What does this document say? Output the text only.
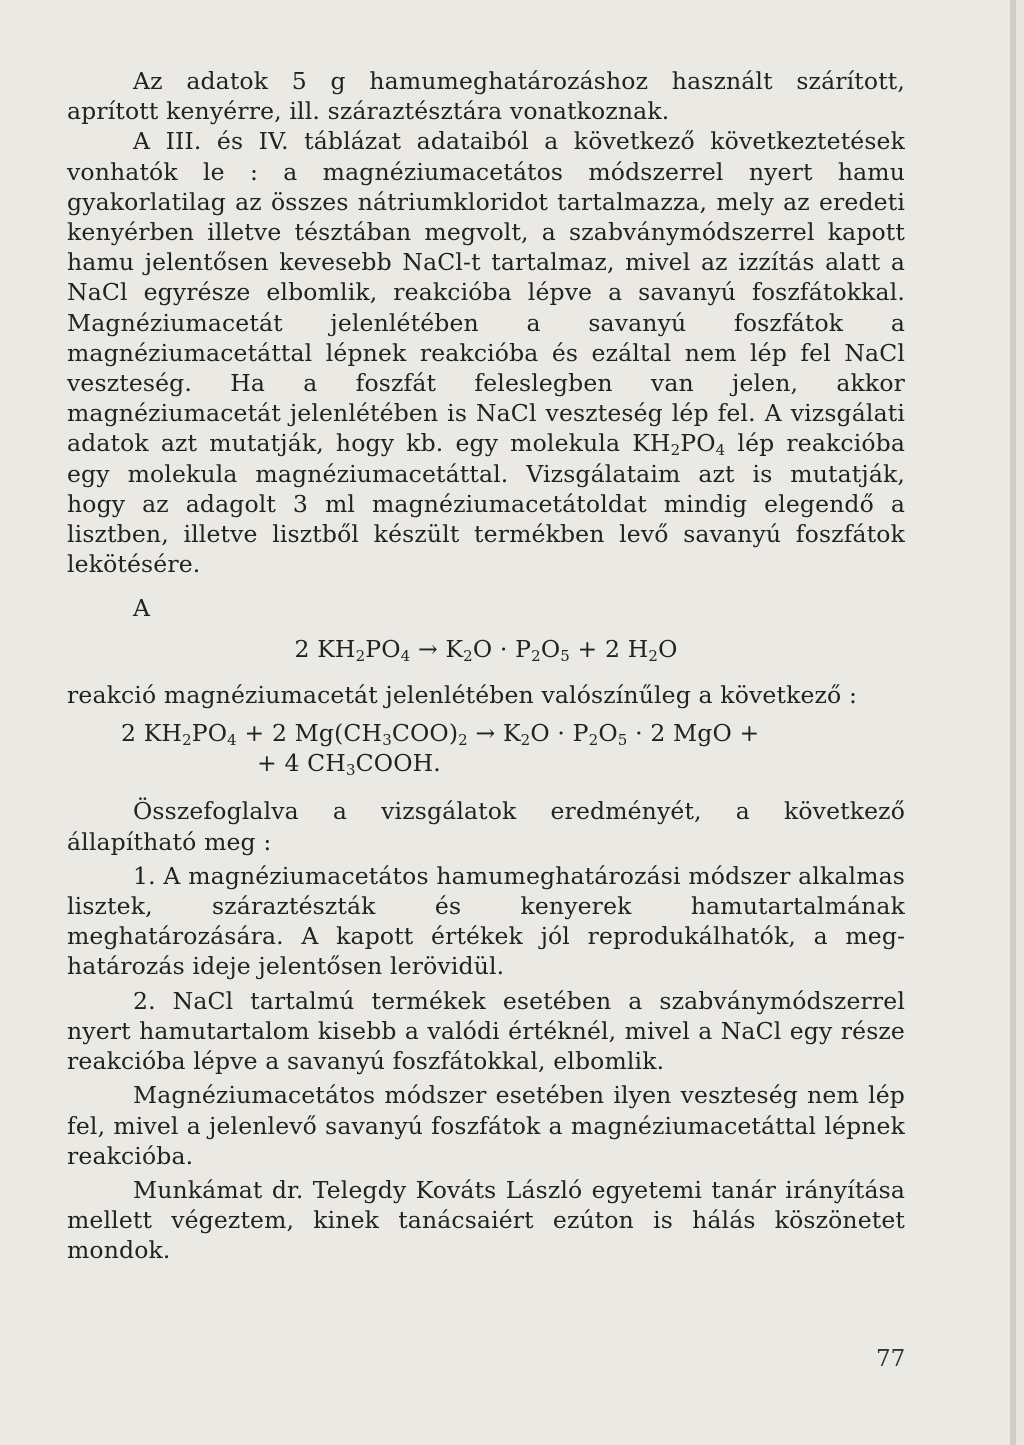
Az adatok 5 g hamumeghatározáshoz használt szárított, aprított kenyérre, ill. száraztésztára vonatkoznak.

A III. és IV. táblázat adataiból a következő következtetések vonhatók le : a magnéziumacetátos módszerrel nyert hamu gyakorlatilag az összes nátriumkloridot tartalmazza, mely az eredeti kenyérben illetve tésztában megvolt, a szabványmódszerrel kapott hamu jelentősen kevesebb NaCl-t tartalmaz, mivel az izzítás alatt a NaCl egyrésze elbomlik, reakcióba lépve a savanyú foszfátokkal. Magnéziumacetát jelenlétében a savanyú foszfátok a magnéziumacetáttal lépnek reakcióba és ezáltal nem lép fel NaCl veszteség. Ha a foszfát feleslegben van jelen, akkor magnéziumacetát jelenlétében is NaCl veszteség lép fel. A vizsgálati adatok azt mutatják, hogy kb. egy molekula $KH_2PO_4$ lép reakcióba egy molekula magnéziumacetáttal. Vizsgálataim azt is mutatják, hogy az adagolt 3 ml magnéziumacetátoldat mindig elegendő a lisztben, illetve lisztből készült termékben levő savanyú foszfátok lekötésére.

A

2 $KH_2PO_4 \to K_2O \cdot P_2O_5 + 2$ $H_2O$

reakció magnéziumacetát jelenlétében valószínűleg a következő :

2 $KH_2PO_4 + 2$ $Mg(CH_3COO)_2 \to K_2O \cdot P_2O_5 \cdot 2$ MgO +

+ 4 $CH_3COOH$.

Összefoglalva a vizsgálatok eredményét, a következő állapítható meg :

1. A magnéziumacetátos hamumeghatározási módszer alkalmas lisztek, száraztészták és kenyerek hamutartalmának meghatározására. A kapott értékek jól reprodukálhatók, a meghatározás ideje jelentősen lerövidül.

2. NaCl tartalmú termékek esetében a szabványmódszerrel nyert hamutartalom kisebb a valódi értéknél, mivel a NaCl egy része reakcióba lépve a savanyú foszfátokkal, elbomlik.

Magnéziumacetátos módszer esetében ilyen veszteség nem lép fel, mivel a jelenlevő savanyú foszfátok a magnéziumacetáttal lépnek reakcióba.

Munkámat dr. Telegdy Kováts László egyetemi tanár irányítása mellett végeztem, kinek tanácsaiért ezúton is hálás köszönetet mondok.

77
